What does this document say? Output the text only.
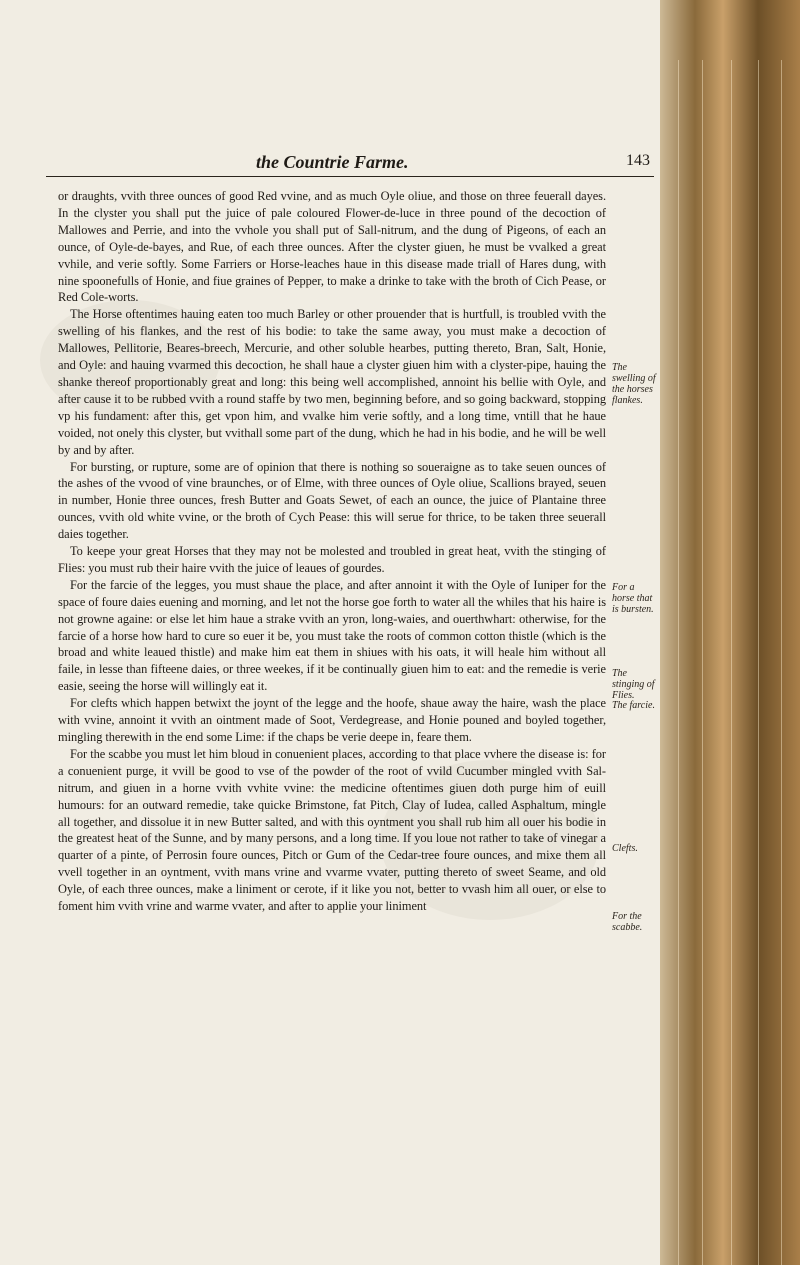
the Countrie Farme.	143

or draughts, vvith three ounces of good Red vvine, and as much Oyle oliue, and those on three feuerall dayes. In the clyster you shall put the juice of pale coloured Flower-de-luce in three pound of the decoction of Mallowes and Perrie, and into the vvhole you shall put of Sall-nitrum, and the dung of Pigeons, of each an ounce, of Oyle-de-bayes, and Rue, of each three ounces. After the clyster giuen, he must be vvalked a great vvhile, and verie softly. Some Farriers or Horse-leaches haue in this disease made triall of Hares dung, with nine spoonefulls of Honie, and fiue graines of Pepper, to make a drinke to take with the broth of Cich Pease, or Red Cole-worts.

The Horse oftentimes hauing eaten too much Barley or other prouender that is hurtfull, is troubled vvith the swelling of his flankes, and the rest of his bodie: to take the same away, you must make a decoction of Mallowes, Pellitorie, Beares-breech, Mercurie, and other soluble hearbes, putting thereto, Bran, Salt, Honie, and Oyle: and hauing vvarmed this decoction, he shall haue a clyster giuen him with a clyster-pipe, hauing the shanke thereof proportionably great and long: this being well accomplished, annoint his bellie with Oyle, and after cause it to be rubbed vvith a round staffe by two men, beginning before, and so going backward, stopping vp his fundament: after this, get vpon him, and vvalke him verie softly, and a long time, vntill that he haue voided, not onely this clyster, but vvithall some part of the dung, which he had in his bodie, and he will be well by and by after.

For bursting, or rupture, some are of opinion that there is nothing so soueraigne as to take seuen ounces of the ashes of the vvood of vine braunches, or of Elme, with three ounces of Oyle oliue, Scallions brayed, seuen in number, Honie three ounces, fresh Butter and Goats Sewet, of each an ounce, the juice of Plantaine three ounces, vvith old white vvine, or the broth of Cych Pease: this will serue for thrice, to be taken three seuerall daies together.

To keepe your great Horses that they may not be molested and troubled in great heat, vvith the stinging of Flies: you must rub their haire vvith the juice of leaues of gourdes.

For the farcie of the legges, you must shaue the place, and after annoint it with the Oyle of Iuniper for the space of foure daies euening and morning, and let not the horse goe forth to water all the whiles that his haire is not growne againe: or else let him haue a strake vvith an yron, long-waies, and ouerthwhart: otherwise, for the farcie of a horse how hard to cure so euer it be, you must take the roots of common cotton thistle (which is the broad and white leaued thistle) and make him eat them in shiues with his oats, it will heale him without all faile, in lesse than fifteene daies, or three weekes, if it be continually giuen him to eat: and the remedie is verie easie, seeing the horse will willingly eat it.

For clefts which happen betwixt the joynt of the legge and the hoofe, shaue away the haire, wash the place with vvine, annoint it vvith an ointment made of Soot, Verdegrease, and Honie pouned and boyled together, mingling therewith in the end some Lime: if the chaps be verie deepe in, feare them.

For the scabbe you must let him bloud in conuenient places, according to that place vvhere the disease is: for a conuenient purge, it vvill be good to vse of the powder of the root of vvild Cucumber mingled vvith Sal-nitrum, and giuen in a horne vvith vvhite vvine: the medicine oftentimes giuen doth purge him of euill humours: for an outward remedie, take quicke Brimstone, fat Pitch, Clay of Iudea, called Asphaltum, mingle all together, and dissolue it in new Butter salted, and with this oyntment you shall rub him all ouer his bodie in the greatest heat of the Sunne, and by many persons, and a long time. If you loue not rather to take of vinegar a quarter of a pinte, of Perrosin foure ounces, Pitch or Gum of the Cedar-tree foure ounces, and mixe them all vvell together in an oyntment, vvith mans vrine and vvarme vvater, putting thereto of sweet Seame, and old Oyle, of each three ounces, make a liniment or cerote, if it like you not, better to vvash him all ouer, or else to foment him vvith vrine and warme vvater, and after to applie your liniment

The swelling of the horses flankes.
For a horse that is bursten.
The stinging of Flies.
The farcie.
Clefts.
For the scabbe.
